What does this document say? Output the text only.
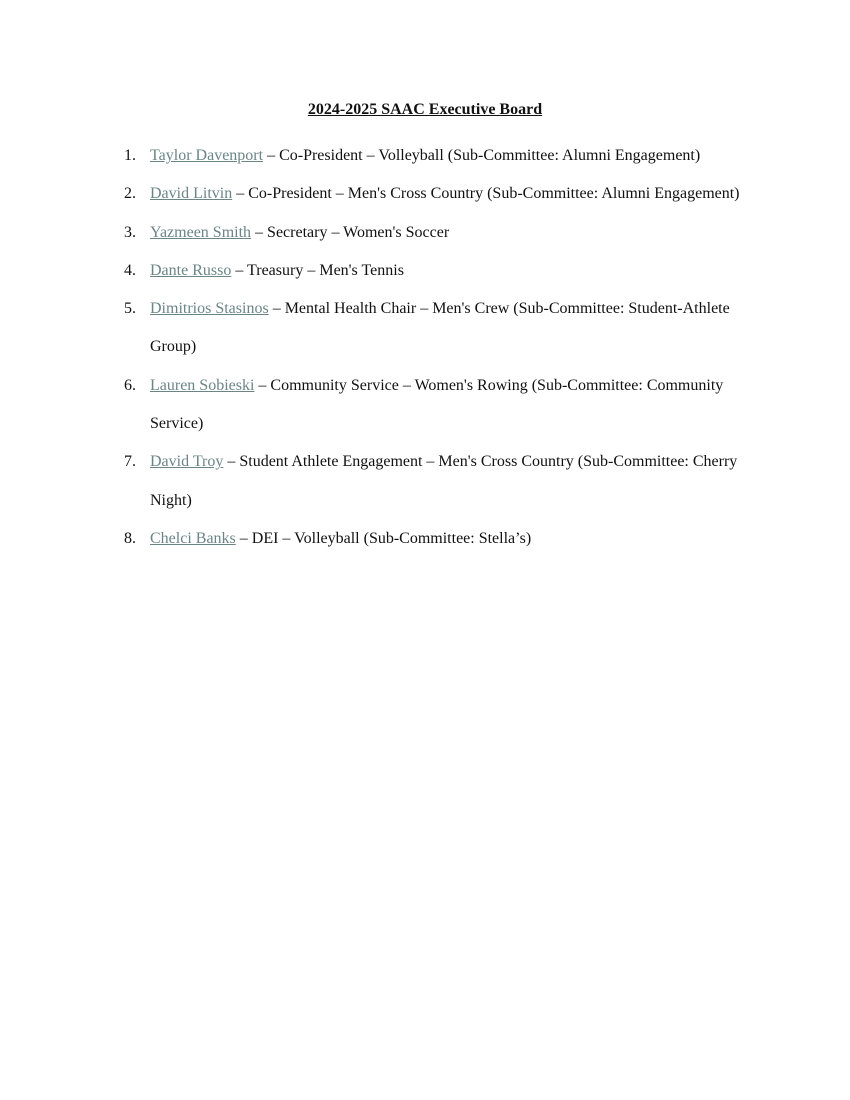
2024-2025 SAAC Executive Board
1. Taylor Davenport – Co-President – Volleyball (Sub-Committee: Alumni Engagement)
2. David Litvin – Co-President – Men's Cross Country (Sub-Committee: Alumni Engagement)
3. Yazmeen Smith – Secretary – Women's Soccer
4. Dante Russo – Treasury – Men's Tennis
5. Dimitrios Stasinos – Mental Health Chair – Men's Crew (Sub-Committee: Student-Athlete Group)
6. Lauren Sobieski – Community Service – Women's Rowing (Sub-Committee: Community Service)
7. David Troy – Student Athlete Engagement – Men's Cross Country (Sub-Committee: Cherry Night)
8. Chelci Banks – DEI – Volleyball (Sub-Committee: Stella’s)
